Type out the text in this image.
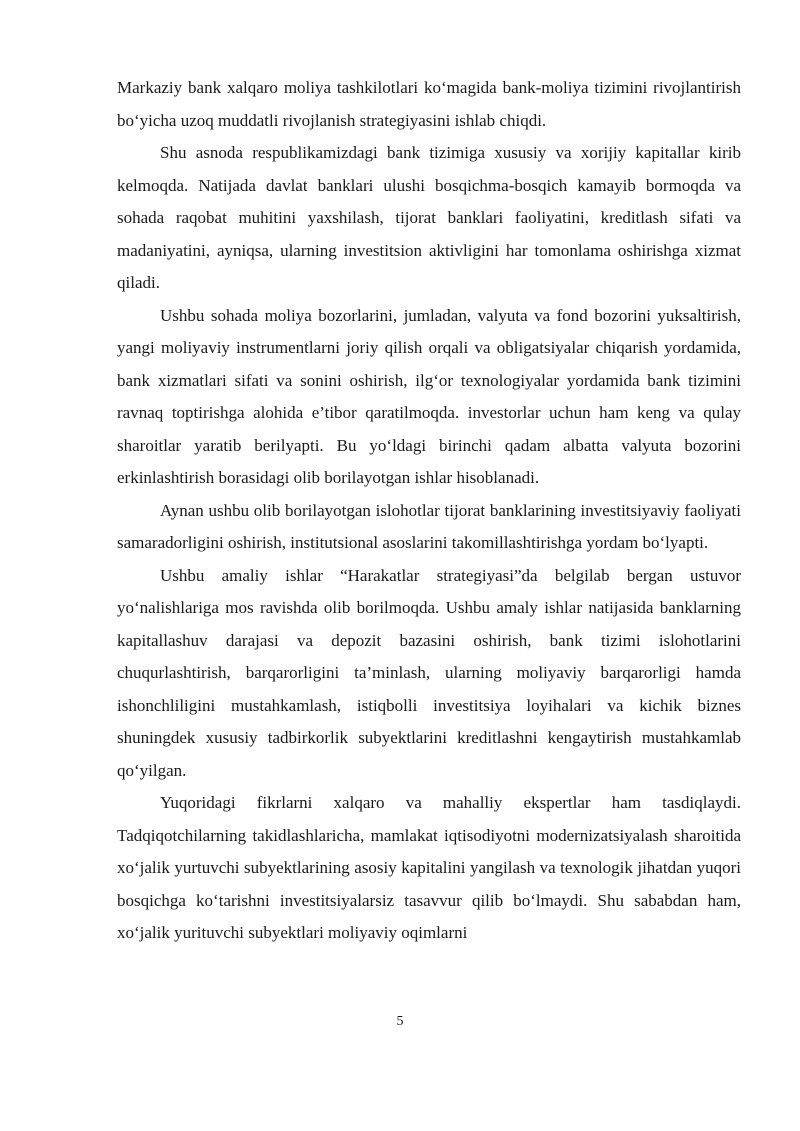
Markaziy bank xalqaro moliya tashkilotlari ko‘magida bank-moliya tizimini rivojlantirish bo‘yicha uzoq muddatli rivojlanish strategiyasini ishlab chiqdi.

Shu asnoda respublikamizdagi bank tizimiga xususiy va xorijiy kapitallar kirib kelmoqda. Natijada davlat banklari ulushi bosqichma-bosqich kamayib bormoqda va sohada raqobat muhitini yaxshilash, tijorat banklari faoliyatini, kreditlash sifati va madaniyatini, ayniqsa, ularning investitsion aktivligini har tomonlama oshirishga xizmat qiladi.

Ushbu sohada moliya bozorlarini, jumladan, valyuta va fond bozorini yuksaltirish, yangi moliyaviy instrumentlarni joriy qilish orqali va obligatsiyalar chiqarish yordamida, bank xizmatlari sifati va sonini oshirish, ilg‘or texnologiyalar yordamida bank tizimini ravnaq toptirishga alohida e’tibor qaratilmoqda. investorlar uchun ham keng va qulay sharoitlar yaratib berilyapti. Bu yo‘ldagi birinchi qadam albatta valyuta bozorini erkinlashtirish borasidagi olib borilayotgan ishlar hisoblanadi.

Aynan ushbu olib borilayotgan islohotlar tijorat banklarining investitsiyaviy faoliyati samaradorligini oshirish, institutsional asoslarini takomillashtirishga yordam bo‘lyapti.

Ushbu amaliy ishlar “Harakatlar strategiyasi”da belgilab bergan ustuvor yo‘nalishlariga mos ravishda olib borilmoqda. Ushbu amaly ishlar natijasida banklarning kapitallashuv darajasi va depozit bazasini oshirish, bank tizimi islohotlarini chuqurlashtirish, barqarorligini ta’minlash, ularning moliyaviy barqarorligi hamda ishonchliligini mustahkamlash, istiqbolli investitsiya loyihalari va kichik biznes shuningdek xususiy tadbirkorlik subyektlarini kreditlashni kengaytirish mustahkamlab qo‘yilgan.

Yuqoridagi fikrlarni xalqaro va mahalliy ekspertlar ham tasdiqlaydi. Tadqiqotchilarning takidlashlaricha, mamlakat iqtisodiyotni modernizatsiyalash sharoitida xo‘jalik yurtuvchi subyektlarining asosiy kapitalini yangilash va texnologik jihatdan yuqori bosqichga ko‘tarishni investitsiyalarsiz tasavvur qilib bo‘lmaydi. Shu sababdan ham, xo‘jalik yurituvchi subyektlari moliyaviy oqimlarni

5
